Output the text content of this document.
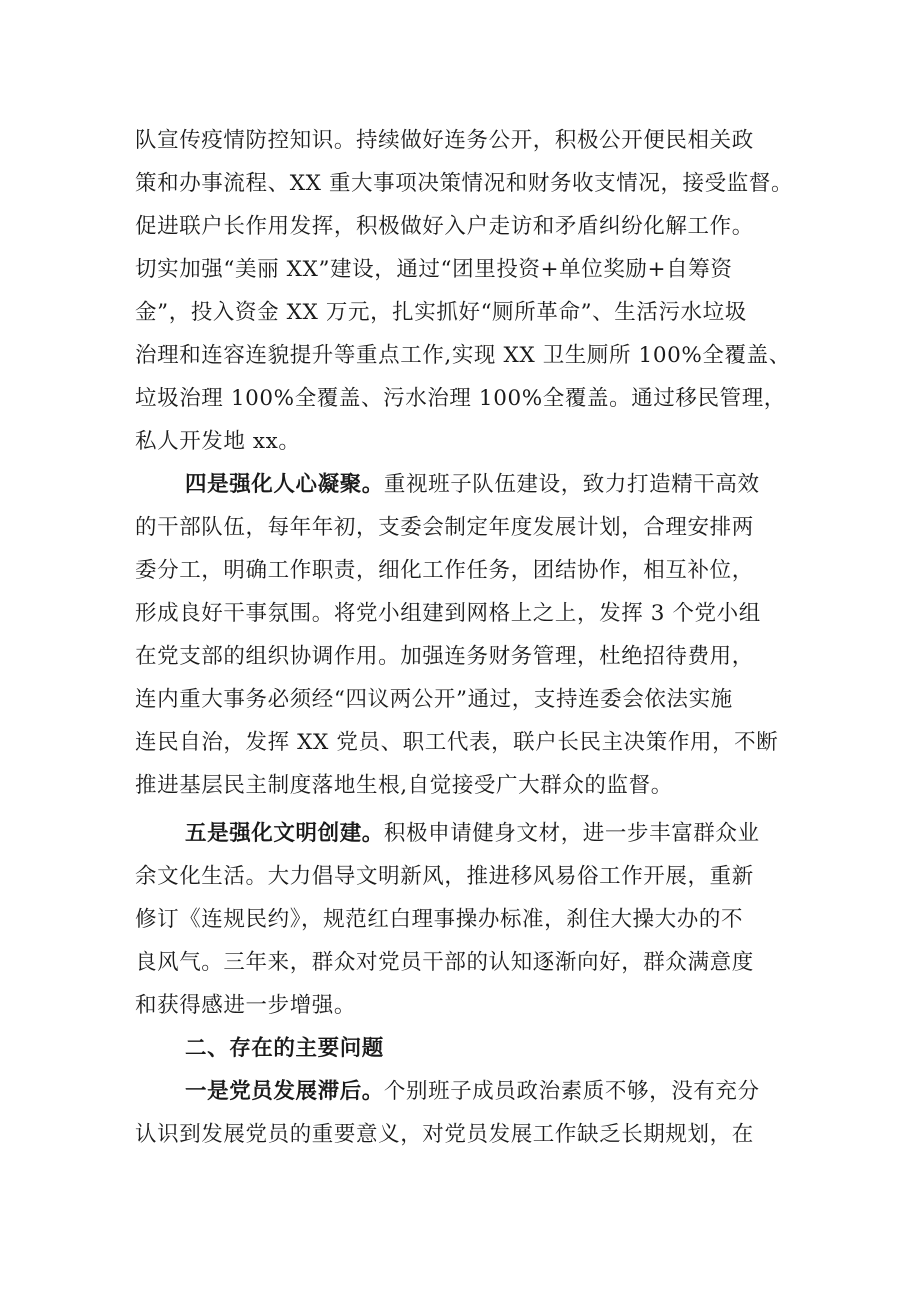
队宣传疫情防控知识。持续做好连务公开，积极公开便民相关政
策和办事流程、XX 重大事项决策情况和财务收支情况，接受监督。
促进联户长作用发挥，积极做好入户走访和矛盾纠纷化解工作。
切实加强“美丽 XX”建设，通过“团里投资+单位奖励+自筹资
金”，投入资金 XX 万元，扎实抓好“厕所革命”、生活污水垃圾
治理和连容连貌提升等重点工作,实现 XX 卫生厕所 100%全覆盖、
垃圾治理 100%全覆盖、污水治理 100%全覆盖。通过移民管理，
私人开发地 xx。
四是强化人心凝聚。重视班子队伍建设，致力打造精干高效
的干部队伍，每年年初，支委会制定年度发展计划，合理安排两
委分工，明确工作职责，细化工作任务，团结协作，相互补位，
形成良好干事氛围。将党小组建到网格上之上，发挥 3 个党小组
在党支部的组织协调作用。加强连务财务管理，杜绝招待费用，
连内重大事务必须经“四议两公开”通过，支持连委会依法实施
连民自治，发挥 XX 党员、职工代表，联户长民主决策作用，不断
推进基层民主制度落地生根,自觉接受广大群众的监督。
五是强化文明创建。积极申请健身文材，进一步丰富群众业
余文化生活。大力倡导文明新风，推进移风易俗工作开展，重新
修订《连规民约》，规范红白理事操办标准，刹住大操大办的不
良风气。三年来，群众对党员干部的认知逐渐向好，群众满意度
和获得感进一步增强。
二、存在的主要问题
一是党员发展滞后。个别班子成员政治素质不够，没有充分
认识到发展党员的重要意义，对党员发展工作缺乏长期规划，在
